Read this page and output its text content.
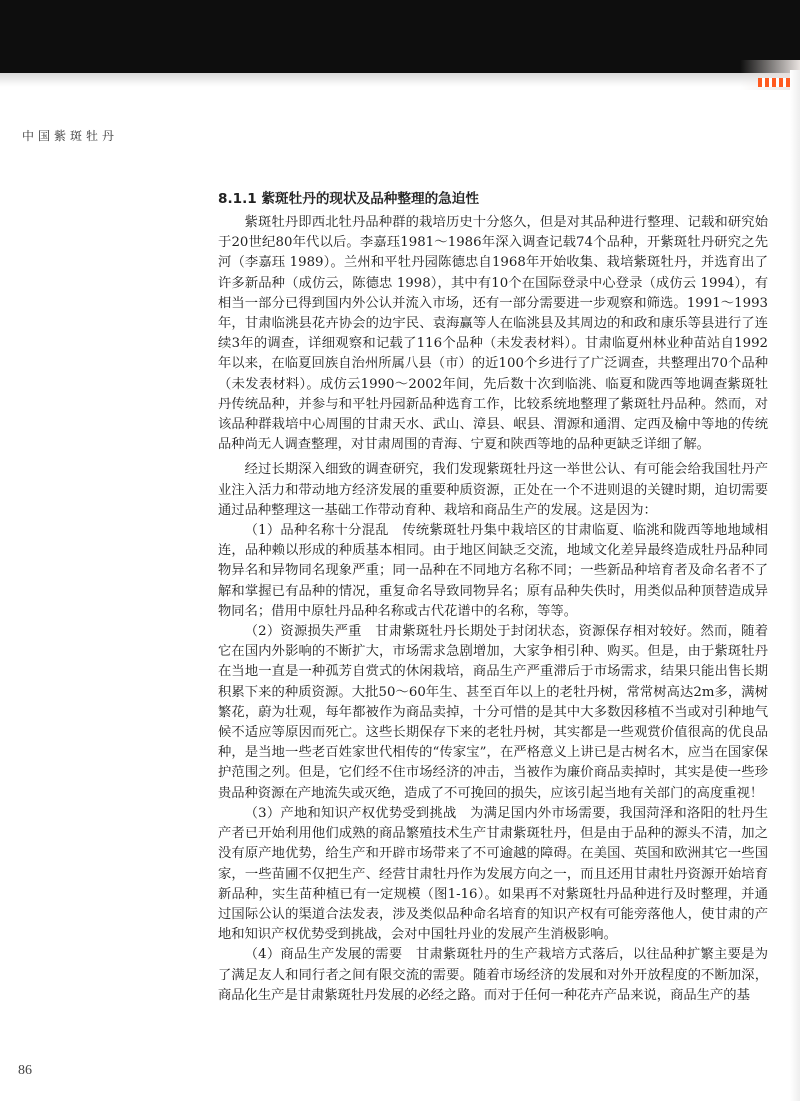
中国紫斑牡丹
8.1.1 紫斑牡丹的现状及品种整理的急迫性

紫斑牡丹即西北牡丹品种群的栽培历史十分悠久，但是对其品种进行整理、记载和研究始于20世纪80年代以后。李嘉珏1981～1986年深入调查记载74个品种，开紫斑牡丹研究之先河（李嘉珏 1989）。兰州和平牡丹园陈德忠自1968年开始收集、栽培紫斑牡丹，并选育出了许多新品种（成仿云，陈德忠 1998），其中有10个在国际登录中心登录（成仿云 1994），有相当一部分已得到国内外公认并流入市场，还有一部分需要进一步观察和筛选。1991～1993年，甘肃临洮县花卉协会的边宇民、袁海赢等人在临洮县及其周边的和政和康乐等县进行了连续3年的调查，详细观察和记载了116个品种（未发表材料）。甘肃临夏州林业种苗站自1992年以来，在临夏回族自治州所属八县（市）的近100个乡进行了广泛调查，共整理出70个品种（未发表材料）。成仿云1990～2002年间，先后数十次到临洮、临夏和陇西等地调查紫斑牡丹传统品种，并参与和平牡丹园新品种选育工作，比较系统地整理了紫斑牡丹品种。然而，对该品种群栽培中心周围的甘肃天水、武山、漳县、岷县、渭源和通渭、定西及榆中等地的传统品种尚无人调查整理，对甘肃周围的青海、宁夏和陕西等地的品种更缺乏详细了解。

经过长期深入细致的调查研究，我们发现紫斑牡丹这一举世公认、有可能会给我国牡丹产业注入活力和带动地方经济发展的重要种质资源，正处在一个不进则退的关键时期，迫切需要通过品种整理这一基础工作带动育种、栽培和商品生产的发展。这是因为：

（1）品种名称十分混乱　传统紫斑牡丹集中栽培区的甘肃临夏、临洮和陇西等地地域相连，品种赖以形成的种质基本相同。由于地区间缺乏交流，地域文化差异最终造成牡丹品种同物异名和异物同名现象严重；同一品种在不同地方名称不同；一些新品种培育者及命名者不了解和掌握已有品种的情况，重复命名导致同物异名；原有品种失佚时，用类似品种顶替造成异物同名；借用中原牡丹品种名称或古代花谱中的名称，等等。

（2）资源损失严重　甘肃紫斑牡丹长期处于封闭状态，资源保存相对较好。然而，随着它在国内外影响的不断扩大，市场需求急剧增加，大家争相引种、购买。但是，由于紫斑牡丹在当地一直是一种孤芳自赏式的休闲栽培，商品生产严重滞后于市场需求，结果只能出售长期积累下来的种质资源。大批50～60年生、甚至百年以上的老牡丹树，常常树高达2m多，满树繁花，蔚为壮观，每年都被作为商品卖掉，十分可惜的是其中大多数因移植不当或对引种地气候不适应等原因而死亡。这些长期保存下来的老牡丹树，其实都是一些观赏价值很高的优良品种，是当地一些老百姓家世代相传的“传家宝”，在严格意义上讲已是古树名木，应当在国家保护范围之列。但是，它们经不住市场经济的冲击，当被作为廉价商品卖掉时，其实是使一些珍贵品种资源在产地流失或灭绝，造成了不可挽回的损失，应该引起当地有关部门的高度重视！

（3）产地和知识产权优势受到挑战　为满足国内外市场需要，我国菏泽和洛阳的牡丹生产者已开始利用他们成熟的商品繁殖技术生产甘肃紫斑牡丹，但是由于品种的源头不清，加之没有原产地优势，给生产和开辟市场带来了不可逾越的障碍。在美国、英国和欧洲其它一些国家，一些苗圃不仅把生产、经营甘肃牡丹作为发展方向之一，而且还用甘肃牡丹资源开始培育新品种，实生苗种植已有一定规模（图1-16）。如果再不对紫斑牡丹品种进行及时整理，并通过国际公认的渠道合法发表，涉及类似品种命名培育的知识产权有可能旁落他人，使甘肃的产地和知识产权优势受到挑战，会对中国牡丹业的发展产生消极影响。

（4）商品生产发展的需要　甘肃紫斑牡丹的生产栽培方式落后，以往品种扩繁主要是为了满足友人和同行者之间有限交流的需要。随着市场经济的发展和对外开放程度的不断加深，商品化生产是甘肃紫斑牡丹发展的必经之路。而对于任何一种花卉产品来说，商品生产的基

86
